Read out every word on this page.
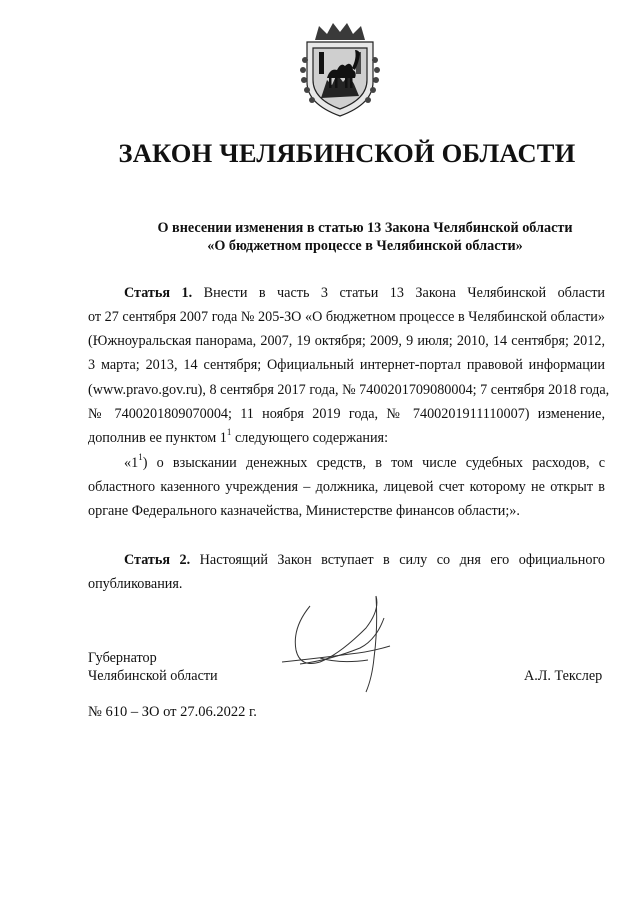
ЗАКОН ЧЕЛЯБИНСКОЙ ОБЛАСТИ
О внесении изменения в статью 13 Закона Челябинской области
«О бюджетном процессе в Челябинской области»
Статья 1. Внести в часть 3 статьи 13 Закона Челябинской области
от 27 сентября 2007 года № 205-ЗО «О бюджетном процессе в Челябинской области»
(Южноуральская панорама, 2007, 19 октября; 2009, 9 июля; 2010, 14 сентября; 2012,
3 марта; 2013, 14 сентября; Официальный интернет-портал правовой информации
(www.pravo.gov.ru), 8 сентября 2017 года, № 7400201709080004; 7 сентября 2018 года,
№ 7400201809070004; 11 ноября 2019 года, № 7400201911110007) изменение,
дополнив ее пунктом $1^1$ следующего содержания:
«$1^1$) о взыскании денежных средств, в том числе судебных расходов, с
областного казенного учреждения – должника, лицевой счет которому не открыт в
органе Федерального казначейства, Министерстве финансов области;».
Статья 2. Настоящий Закон вступает в силу со дня его официального
опубликования.
Губернатор
Челябинской области	А.Л. Текслер
№ 610 – ЗО от 27.06.2022 г.
